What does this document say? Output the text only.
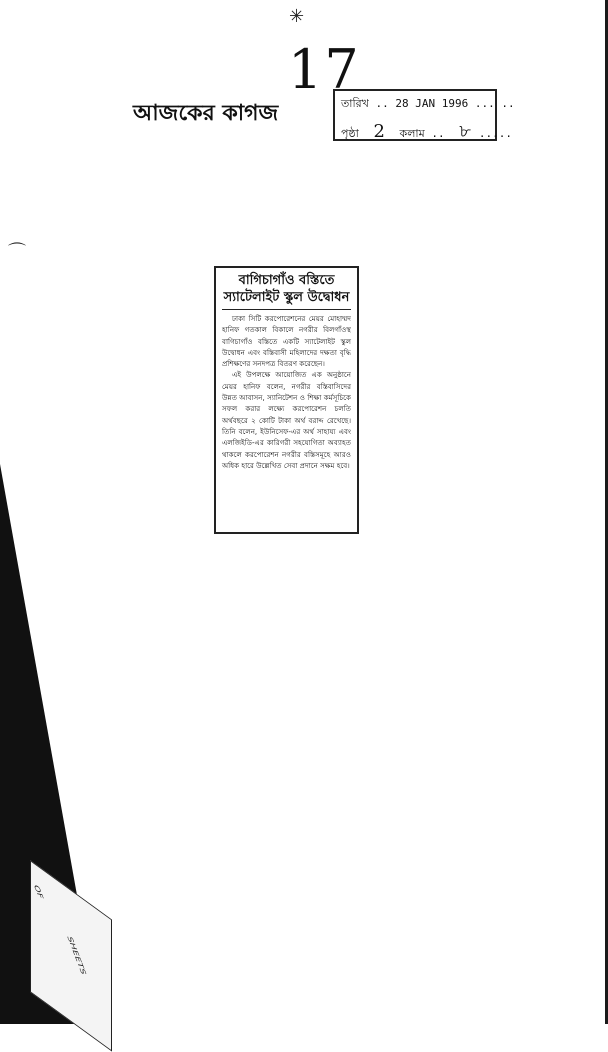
OF
SHEETS
✳
⌒
17
আজকের কাগজ	তারিখ .. 28 JAN 1996 ... ..
পৃষ্ঠা 2 কলাম .. ৮ .....
বাগিচাগাঁও বস্তিতে
স্যাটেলাইট স্কুল উদ্বোধন

ঢাকা সিটি করপোরেশনের মেয়র মোহাম্মদ হানিফ গতকাল বিকালে নগরীর বিলগাঁওস্থ বাগিচাগাঁও বস্তিতে একটি স্যাটেলাইট স্কুল উদ্বোধন এবং বস্তিবাসী মহিলাদের দক্ষতা বৃদ্ধি প্রশিক্ষণের সনদপত্র বিতরণ করেছেন।

এই উপলক্ষে আয়োজিত এক অনুষ্ঠানে মেয়র হানিফ বলেন, নগরীর বস্তিবাসিদের উন্নত আবাসন, স্যানিটেশন ও শিক্ষা কর্মসূচিকে সফল করার লক্ষ্যে করপোরেশন চলতি অর্থবছরে ২ কোটি টাকা অর্থ বরাদ্দ রেখেছে। তিনি বলেন, ইউনিসেফ-এর অর্থ সাহায্য এবং এলজিইডি-এর কারিগরী সহযোগিতা অব্যাহত থাকলে করপোরেশন নগরীর বস্তিসমূহে আরও অধিক হারে উল্লেখিত সেবা প্রদানে সক্ষম হবে।
